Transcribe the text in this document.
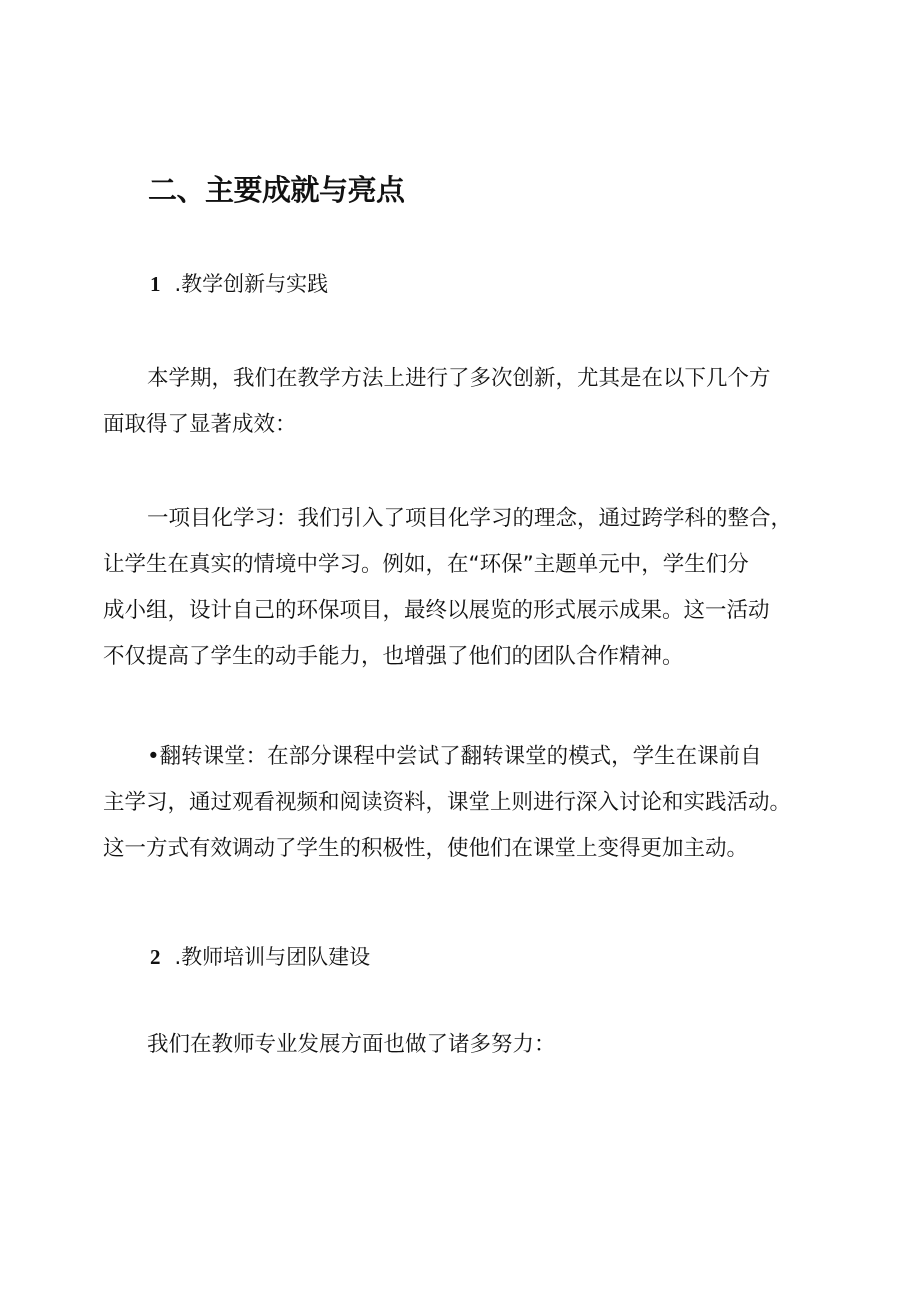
二、主要成就与亮点
1 .教学创新与实践

本学期，我们在教学方法上进行了多次创新，尤其是在以下几个方
面取得了显著成效：

一项目化学习：我们引入了项目化学习的理念，通过跨学科的整合，
让学生在真实的情境中学习。例如，在“环保”主题单元中，学生们分
成小组，设计自己的环保项目，最终以展览的形式展示成果。这一活动
不仅提高了学生的动手能力，也增强了他们的团队合作精神。

•翻转课堂：在部分课程中尝试了翻转课堂的模式，学生在课前自
主学习，通过观看视频和阅读资料，课堂上则进行深入讨论和实践活动。
这一方式有效调动了学生的积极性，使他们在课堂上变得更加主动。

2 .教师培训与团队建设

我们在教师专业发展方面也做了诸多努力：
